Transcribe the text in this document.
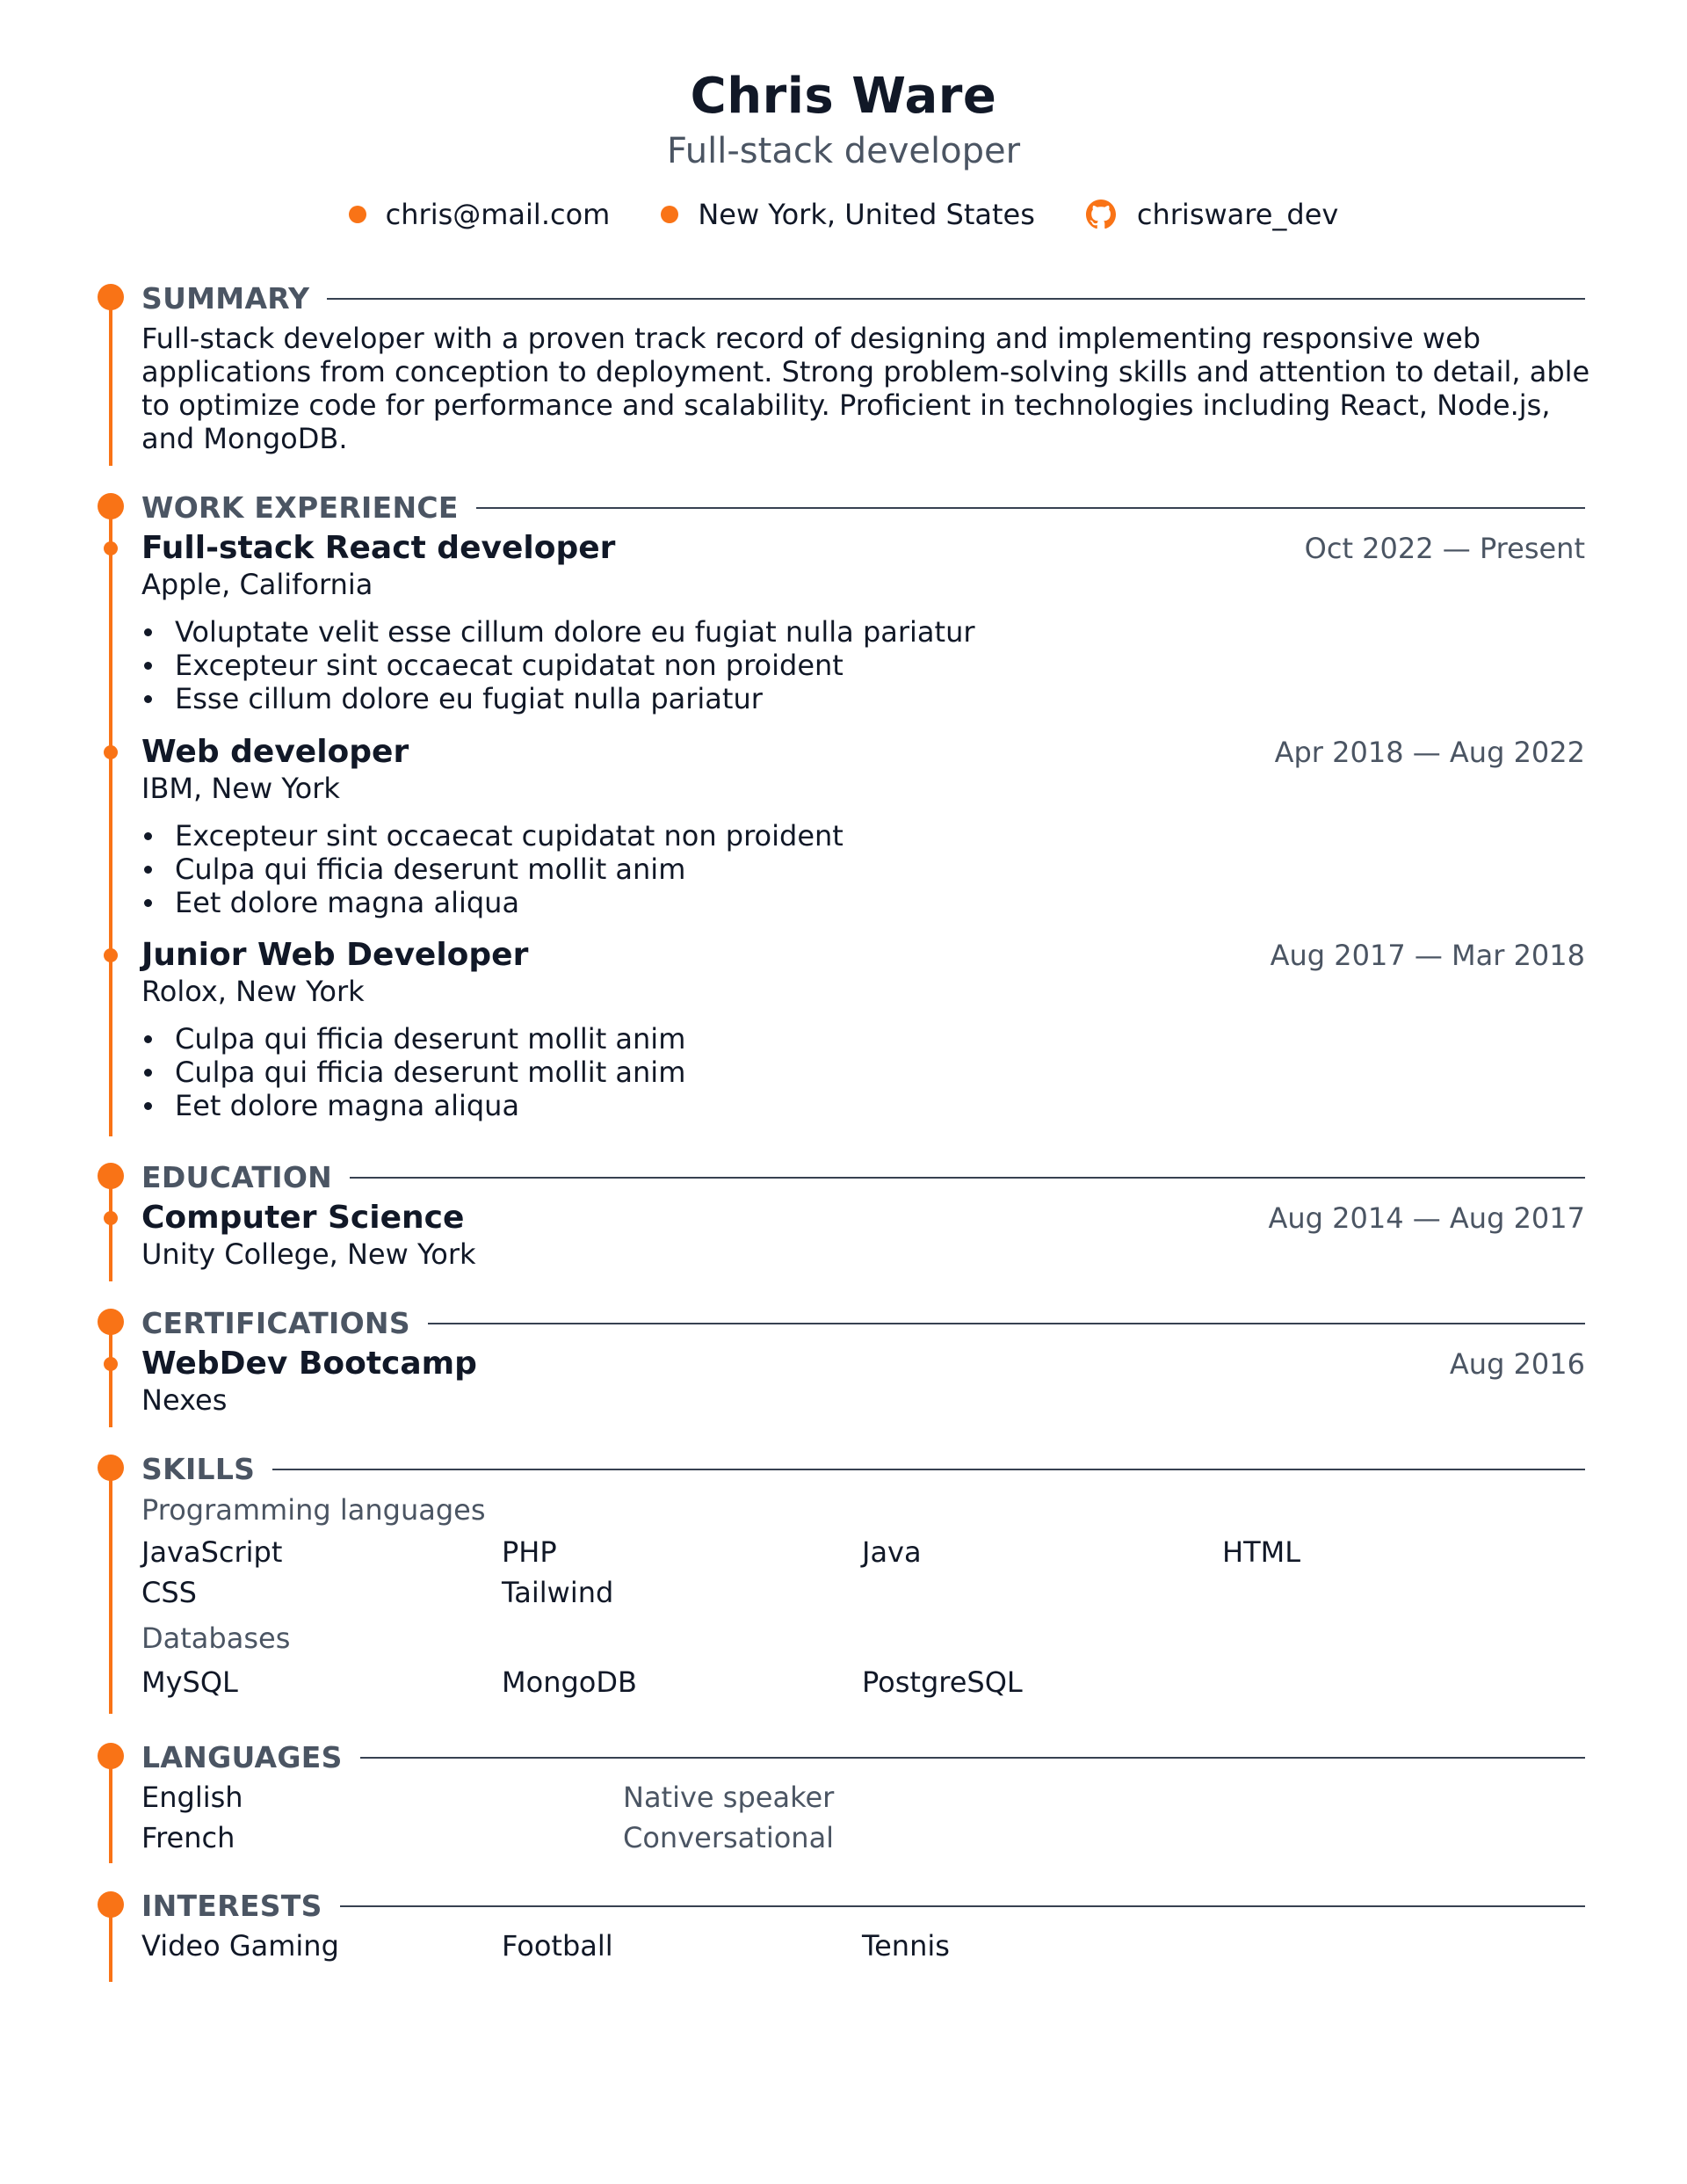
Chris Ware
Full-stack developer
chris@mail.com	New York, United States	chrisware_dev
SUMMARY
Full-stack developer with a proven track record of designing and implementing responsive web applications from conception to deployment. Strong problem-solving skills and attention to detail, able to optimize code for performance and scalability. Proficient in technologies including React, Node.js, and MongoDB.
WORK EXPERIENCE
Full-stack React developer	Oct 2022 — Present
Apple, California
Voluptate velit esse cillum dolore eu fugiat nulla pariatur
Excepteur sint occaecat cupidatat non proident
Esse cillum dolore eu fugiat nulla pariatur
Web developer	Apr 2018 — Aug 2022
IBM, New York
Excepteur sint occaecat cupidatat non proident
Culpa qui fficia deserunt mollit anim
Eet dolore magna aliqua
Junior Web Developer	Aug 2017 — Mar 2018
Rolox, New York
Culpa qui fficia deserunt mollit anim
Culpa qui fficia deserunt mollit anim
Eet dolore magna aliqua
EDUCATION
Computer Science	Aug 2014 — Aug 2017
Unity College, New York
CERTIFICATIONS
WebDev Bootcamp	Aug 2016
Nexes
SKILLS
Programming languages
JavaScript	PHP	Java	HTML
CSS	Tailwind
Databases
MySQL	MongoDB	PostgreSQL
LANGUAGES
English	Native speaker
French	Conversational
INTERESTS
Video Gaming	Football	Tennis
